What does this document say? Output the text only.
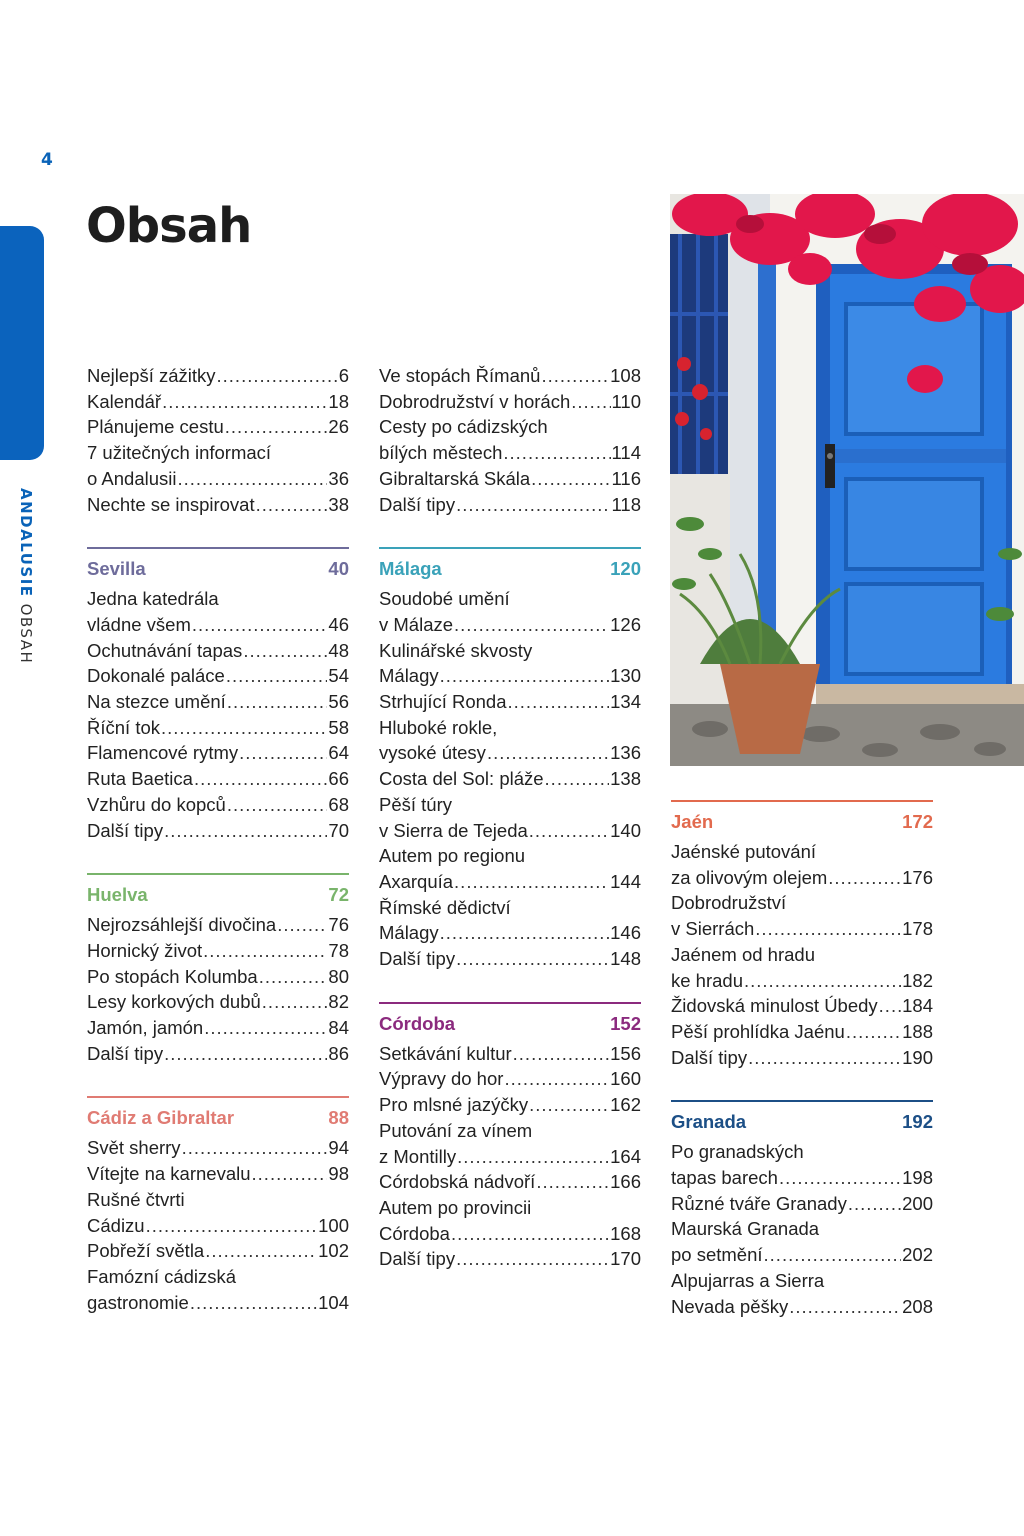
4
ANDALUSIEOBSAH
Obsah
Nejlepší zážitky .....	6
Kalendář .....	18
Plánujeme cestu .....	26
7 užitečných informací
o Andalusii .....	36
Nechte se inspirovat .....	38
Sevilla	40
Jedna katedrála
vládne všem .....	46
Ochutnávání tapas .....	48
Dokonalé paláce .....	54
Na stezce umění .....	56
Říční tok .....	58
Flamencové rytmy .....	64
Ruta Baetica .....	66
Vzhůru do kopců .....	68
Další tipy .....	70
Huelva	72
Nejrozsáhlejší divočina .....	76
Hornický život .....	78
Po stopách Kolumba .....	80
Lesy korkových dubů .....	82
Jamón, jamón .....	84
Další tipy .....	86
Cádiz a Gibraltar	88
Svět sherry .....	94
Vítejte na karnevalu .....	98
Rušné čtvrti
Cádizu .....	100
Pobřeží světla .....	102
Famózní cádizská
gastronomie .....	104
Ve stopách Římanů .....	108
Dobrodružství v horách ..... 110
Cesty po cádizských
bílých městech .....	114
Gibraltarská Skála .....	116
Další tipy .....	118
Málaga	120
Soudobé umění
v Málaze .....	126
Kulinářské skvosty
Málagy .....	130
Strhující Ronda .....	134
Hluboké rokle,
vysoké útesy .....	136
Costa del Sol: pláže .....	138
Pěší túry
v Sierra de Tejeda .....	140
Autem po regionu
Axarquía .....	144
Římské dědictví
Málagy .....	146
Další tipy .....	148
Córdoba	152
Setkávání kultur .....	156
Výpravy do hor .....	160
Pro mlsné jazýčky .....	162
Putování za vínem
z Montilly .....	164
Córdobská nádvoří .....	166
Autem po provincii
Córdoba .....	168
Další tipy .....	170
Jaén	172
Jaénské putování
za olivovým olejem .....	176
Dobrodružství
v Sierrách .....	178
Jaénem od hradu
ke hradu .....	182
Židovská minulost Úbedy ..... 184
Pěší prohlídka Jaénu .....	188
Další tipy .....	190
Granada	192
Po granadských
tapas barech .....	198
Různé tváře Granady .....	200
Maurská Granada
po setmění .....	202
Alpujarras a Sierra
Nevada pěšky .....	208
